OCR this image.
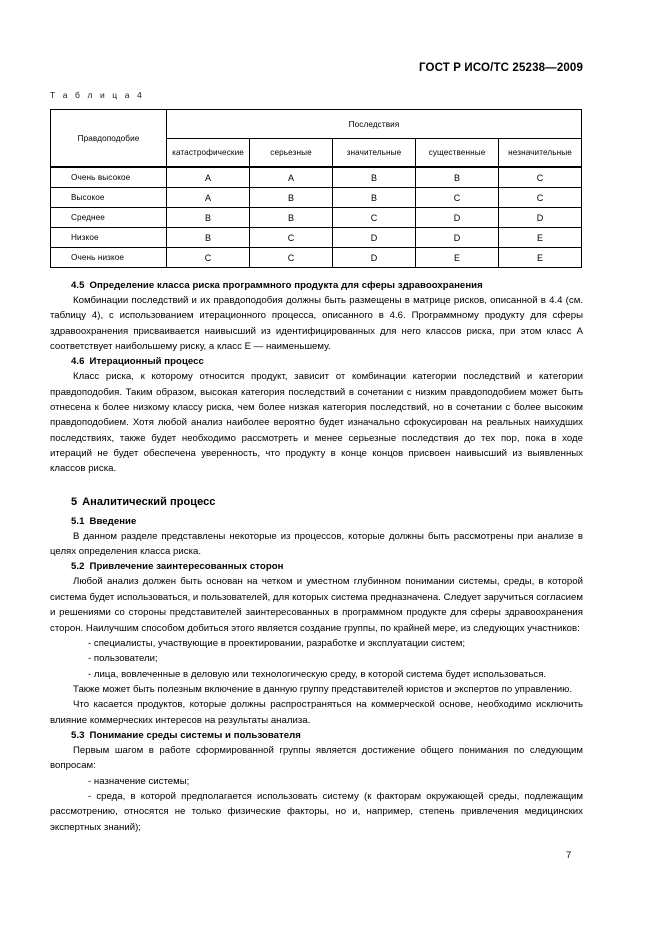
ГОСТ Р ИСО/ТС 25238—2009
Т а б л и ц а 4
Правдоподобие	Последствия				
	катастрофические	серьезные	значительные	существенные	незначительные
Очень высокое	A	A	B	B	C
Высокое	A	B	B	C	C
Среднее	B	B	C	D	D
Низкое	B	C	D	D	E
Очень низкое	C	C	D	E	E
4.5 Определение класса риска программного продукта для сферы здравоохранения

Комбинации последствий и их правдоподобия должны быть размещены в матрице рисков, описанной в 4.4 (см. таблицу 4), с использованием итерационного процесса, описанного в 4.6. Программному продукту для сферы здравоохранения присваивается наивысший из идентифицированных для него классов риска, при этом класс A соответствует наибольшему риску, а класс E — наименьшему.

4.6 Итерационный процесс

Класс риска, к которому относится продукт, зависит от комбинации категории последствий и категории правдоподобия. Таким образом, высокая категория последствий в сочетании с низким правдоподобием может быть отнесена к более низкому классу риска, чем более низкая категория последствий, но в сочетании с более высоким правдоподобием. Хотя любой анализ наиболее вероятно будет изначально сфокусирован на реальных наихудших последствиях, также будет необходимо рассмотреть и менее серьезные последствия до тех пор, пока в ходе итераций не будет обеспечена уверенность, что продукту в конце концов присвоен наивысший из выявленных классов риска.

5 Аналитический процесс
5.1 Введение

В данном разделе представлены некоторые из процессов, которые должны быть рассмотрены при анализе в целях определения класса риска.

5.2 Привлечение заинтересованных сторон

Любой анализ должен быть основан на четком и уместном глубинном понимании системы, среды, в которой система будет использоваться, и пользователей, для которых система предназначена. Следует заручиться согласием и решениями со стороны представителей заинтересованных в программном продукте для сферы здравоохранения сторон. Наилучшим способом добиться этого является создание группы, по крайней мере, из следующих участников:

- специалисты, участвующие в проектировании, разработке и эксплуатации систем;

- пользователи;

- лица, вовлеченные в деловую или технологическую среду, в которой система будет использоваться.

Также может быть полезным включение в данную группу представителей юристов и экспертов по управлению.

Что касается продуктов, которые должны распространяться на коммерческой основе, необходимо исключить влияние коммерческих интересов на результаты анализа.

5.3 Понимание среды системы и пользователя

Первым шагом в работе сформированной группы является достижение общего понимания по следующим вопросам:

- назначение системы;

- среда, в которой предполагается использовать систему (к факторам окружающей среды, подлежащим рассмотрению, относятся не только физические факторы, но и, например, степень привлечения медицинских экспертных знаний);

7
